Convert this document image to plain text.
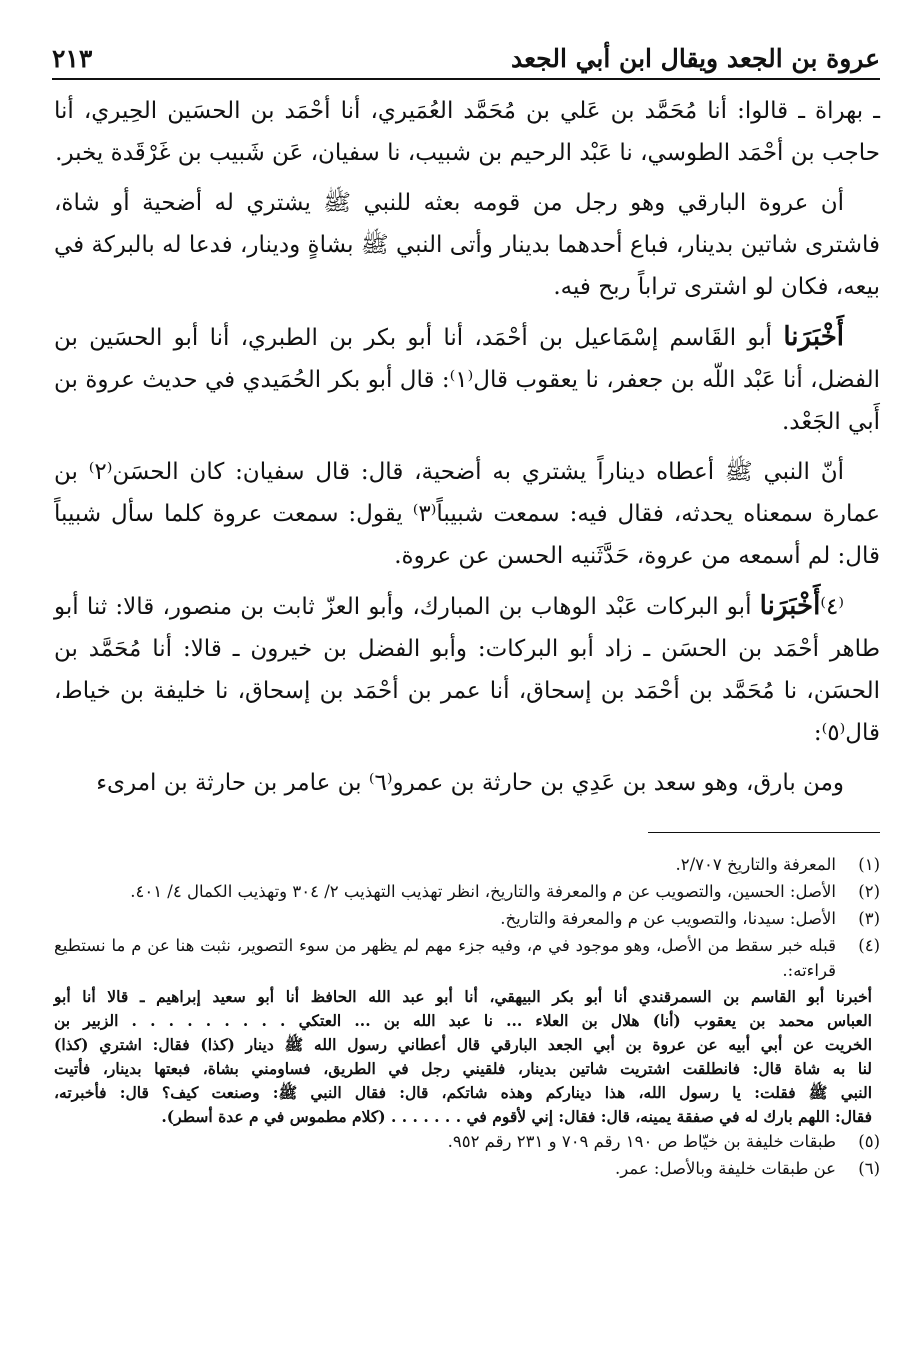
عروة بن الجعد ويقال ابن أبي الجعد
٢١٣

ـ بهراة ـ قالوا: أنا مُحَمَّد بن عَلي بن مُحَمَّد العُمَيري، أنا أحْمَد بن الحسَين الحِيري، أنا حاجب بن أحْمَد الطوسي، نا عَبْد الرحيم بن شبيب، نا سفيان، عَن شَبيب بن غَرْقَدة يخبر.

أن عروة البارقي وهو رجل من قومه بعثه للنبي ﷺ يشتري له أضحية أو شاة، فاشترى شاتين بدينار، فباع أحدهما بدينار وأتى النبي ﷺ بشاةٍ ودينار، فدعا له بالبركة في بيعه، فكان لو اشترى تراباً ربح فيه.

أَخْبَرَنا أبو القَاسم إسْمَاعيل بن أحْمَد، أنا أبو بكر بن الطبري، أنا أبو الحسَين بن الفضل، أنا عَبْد اللّه بن جعفر، نا يعقوب قال⁽١⁾: قال أبو بكر الحُمَيدي في حديث عروة بن أَبي الجَعْد.

أنّ النبي ﷺ أعطاه ديناراً يشتري به أضحية، قال: قال سفيان: كان الحسَن⁽٢⁾ بن عمارة سمعناه يحدثه، فقال فيه: سمعت شبيباً⁽٣⁾ يقول: سمعت عروة كلما سأل شبيباً قال: لم أسمعه من عروة، حَدَّثَنيه الحسن عن عروة.

⁽٤⁾أَخْبَرَنا أبو البركات عَبْد الوهاب بن المبارك، وأبو العزّ ثابت بن منصور، قالا: ثنا أبو طاهر أحْمَد بن الحسَن ـ زاد أبو البركات: وأبو الفضل بن خيرون ـ قالا: أنا مُحَمَّد بن الحسَن، نا مُحَمَّد بن أحْمَد بن إسحاق، أنا عمر بن أحْمَد بن إسحاق، نا خليفة بن خياط، قال⁽٥⁾:

ومن بارق، وهو سعد بن عَدِي بن حارثة بن عمرو⁽٦⁾ بن عامر بن حارثة بن امرىء

(١)
المعرفة والتاريخ ٢/٧٠٧.
(٢)
الأصل: الحسين، والتصويب عن م والمعرفة والتاريخ، انظر تهذيب التهذيب ٢/ ٣٠٤ وتهذيب الكمال ٤/ ٤٠١.
(٣)
الأصل: سيدنا، والتصويب عن م والمعرفة والتاريخ.
(٤)
قبله خبر سقط من الأصل، وهو موجود في م، وفيه جزء مهم لم يظهر من سوء التصوير، نثبت هنا عن م ما نستطيع قراءته:.
أخبرنا أبو القاسم بن السمرقندي أنا أبو بكر البيهقي، أنا أبو عبد الله الحافظ أنا أبو سعيد إبراهيم ـ قالا أنا أبو
العباس محمد بن يعقوب (أنا) هلال بن العلاء ... نا عبد الله بن ... العتكي . . . . . . . . . الزبير بن
الخريت عن أبي أبيه عن عروة بن أبي الجعد البارقي قال أعطاني رسول الله ﷺ دينار (كذا) فقال: اشتري (كذا)
لنا به شاة قال: فانطلقت اشتريت شاتين بدينار، فلقيني رجل في الطريق، فساومني بشاة، فبعتها بدينار، فأتيت
النبي ﷺ فقلت: يا رسول الله، هذا ديناركم وهذه شاتكم، قال: فقال النبي ﷺ: وصنعت كيف؟ قال: فأخبرته،
فقال: اللهم بارك له في صفقة يمينه، قال: فقال: إني لأقوم في . . . . . . . (كلام مطموس في م عدة أسطر).
(٥)
طبقات خليفة بن خيّاط ص ١٩٠ رقم ٧٠٩ و ٢٣١ رقم ٩٥٢.
(٦)
عن طبقات خليفة وبالأصل: عمر.
